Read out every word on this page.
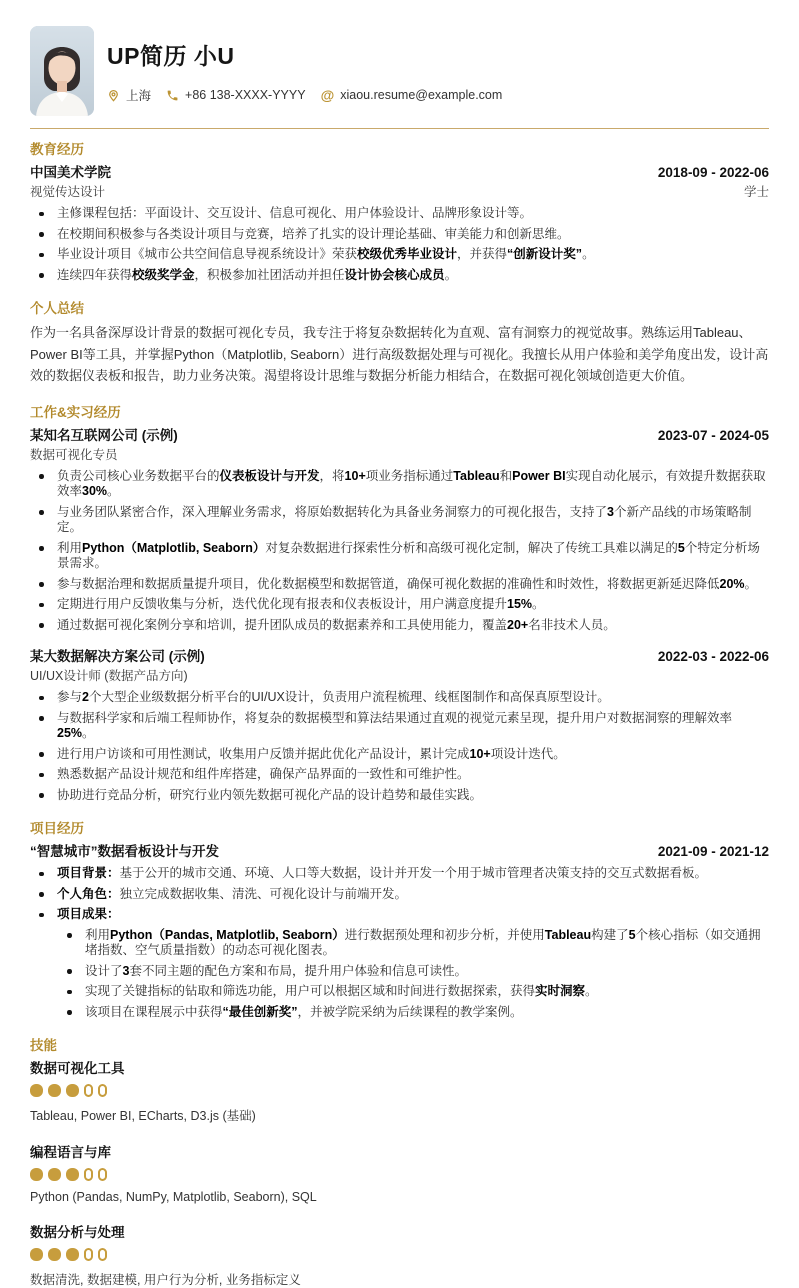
UP简历 小U
上海	+86 138-XXXX-YYYY @ xiaou.resume@example.com
教育经历
中国美术学院	2018-09 - 2022-06
视觉传达设计	学士
主修课程包括：平面设计、交互设计、信息可视化、用户体验设计、品牌形象设计等。
在校期间积极参与各类设计项目与竞赛，培养了扎实的设计理论基础、审美能力和创新思维。
毕业设计项目《城市公共空间信息导视系统设计》荣获校级优秀毕业设计，并获得“创新设计奖”。
连续四年获得校级奖学金，积极参加社团活动并担任设计协会核心成员。
个人总结

作为一名具备深厚设计背景的数据可视化专员，我专注于将复杂数据转化为直观、富有洞察力的视觉故事。熟练运用Tableau、Power BI等工具，并掌握Python（Matplotlib, Seaborn）进行高级数据处理与可视化。我擅长从用户体验和美学角度出发，设计高效的数据仪表板和报告，助力业务决策。渴望将设计思维与数据分析能力相结合，在数据可视化领域创造更大价值。

工作&实习经历
某知名互联网公司 (示例)	2023-07 - 2024-05
数据可视化专员
负责公司核心业务数据平台的仪表板设计与开发，将10+项业务指标通过Tableau和Power BI实现自动化展示，有效提升数据获取效率30%。
与业务团队紧密合作，深入理解业务需求，将原始数据转化为具备业务洞察力的可视化报告，支持了3个新产品线的市场策略制定。
利用Python（Matplotlib, Seaborn）对复杂数据进行探索性分析和高级可视化定制，解决了传统工具难以满足的5个特定分析场景需求。
参与数据治理和数据质量提升项目，优化数据模型和数据管道，确保可视化数据的准确性和时效性，将数据更新延迟降低20%。
定期进行用户反馈收集与分析，迭代优化现有报表和仪表板设计，用户满意度提升15%。
通过数据可视化案例分享和培训，提升团队成员的数据素养和工具使用能力，覆盖20+名非技术人员。
某大数据解决方案公司 (示例)	2022-03 - 2022-06
UI/UX设计师 (数据产品方向)
参与2个大型企业级数据分析平台的UI/UX设计，负责用户流程梳理、线框图制作和高保真原型设计。
与数据科学家和后端工程师协作，将复杂的数据模型和算法结果通过直观的视觉元素呈现，提升用户对数据洞察的理解效率25%。
进行用户访谈和可用性测试，收集用户反馈并据此优化产品设计，累计完成10+项设计迭代。
熟悉数据产品设计规范和组件库搭建，确保产品界面的一致性和可维护性。
协助进行竞品分析，研究行业内领先数据可视化产品的设计趋势和最佳实践。
项目经历
“智慧城市”数据看板设计与开发	2021-09 - 2021-12
项目背景：基于公开的城市交通、环境、人口等大数据，设计并开发一个用于城市管理者决策支持的交互式数据看板。
个人角色：独立完成数据收集、清洗、可视化设计与前端开发。
项目成果：
利用Python（Pandas, Matplotlib, Seaborn）进行数据预处理和初步分析，并使用Tableau构建了5个核心指标（如交通拥堵指数、空气质量指数）的动态可视化图表。
设计了3套不同主题的配色方案和布局，提升用户体验和信息可读性。
实现了关键指标的钻取和筛选功能，用户可以根据区域和时间进行数据探索，获得实时洞察。
该项目在课程展示中获得“最佳创新奖”，并被学院采纳为后续课程的教学案例。
技能
数据可视化工具
Tableau, Power BI, ECharts, D3.js (基础)
编程语言与库
Python (Pandas, NumPy, Matplotlib, Seaborn), SQL
数据分析与处理
数据清洗, 数据建模, 用户行为分析, 业务指标定义
